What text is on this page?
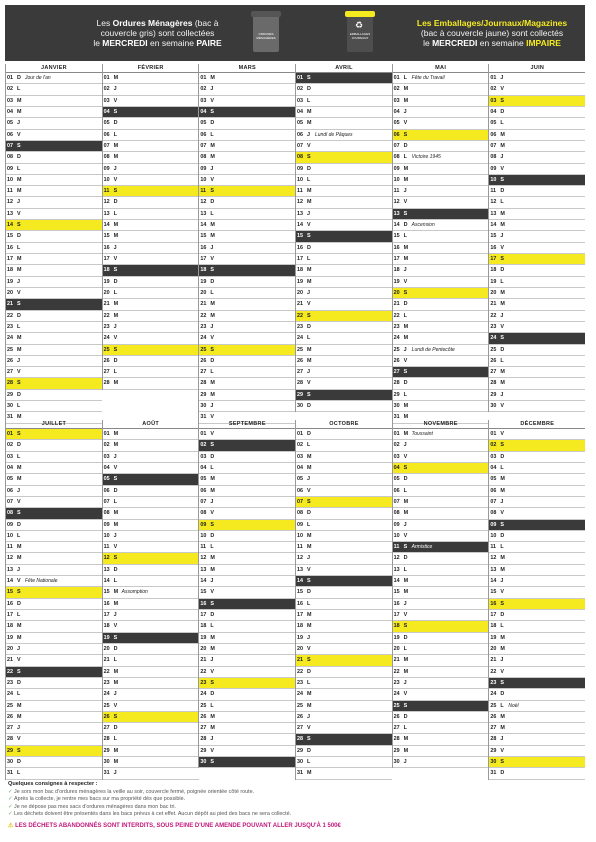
Les Ordures Ménagères (bac à
couvercle gris) sont collectées
le MERCREDI en semaine PAIRE
ORDURES MÉNAGÈRES
♻
EMBALLAGES JOURNAUX
Les Emballages/Journaux/Magazines
(bac à couvercle jaune) sont collectés
le MERCREDI en semaine IMPAIRE
JANVIER
01 D Jour de l'an
02 L
03 M
04 M
05 J
06 V
07 S
08 D
09 L
10 M
11 M
12 J
13 V
14 S
15 D
16 L
17 M
18 M
19 J
20 V
21 S
22 D
23 L
24 M
25 M
26 J
27 V
28 S
29 D
30 L
31 M
FÉVRIER
01 M
02 J
03 V
04 S
05 D
06 L
07 M
08 M
09 J
10 V
11 S
12 D
13 L
14 M
15 M
16 J
17 V
18 S
19 D
20 L
21 M
22 M
23 J
24 V
25 S
26 D
27 L
28 M
MARS
01 M
02 J
03 V
04 S
05 D
06 L
07 M
08 M
09 J
10 V
11 S
12 D
13 L
14 M
15 M
16 J
17 V
18 S
19 D
20 L
21 M
22 M
23 J
24 V
25 S
26 D
27 L
28 M
29 M
30 J
31 V
AVRIL
01 S
02 D
03 L
04 M
05 M
06 J Lundi de Pâques
07 V
08 S
09 D
10 L
11 M
12 M
13 J
14 V
15 S
16 D
17 L
18 M
19 M
20 J
21 V
22 S
23 D
24 L
25 M
26 M
27 J
28 V
29 S
30 D
MAI
01 L Fête du Travail
02 M
03 M
04 J
05 V
06 S
07 D
08 L Victoire 1945
09 M
10 M
11 J
12 V
13 S
14 D Ascension
15 L
16 M
17 M
18 J
19 V
20 S
21 D
22 L
23 M
24 M
25 J Lundi de Pentecôte
26 V
27 S
28 D
29 L
30 M
31 M
JUIN
01 J
02 V
03 S
04 D
05 L
06 M
07 M
08 J
09 V
10 S
11 D
12 L
13 M
14 M
15 J
16 V
17 S
18 D
19 L
20 M
21 M
22 J
23 V
24 S
25 D
26 L
27 M
28 M
29 J
30 V
JUILLET
01 S
02 D
03 L
04 M
05 M
06 J
07 V
08 S
09 D
10 L
11 M
12 M
13 J
14 V Fête Nationale
15 S
16 D
17 L
18 M
19 M
20 J
21 V
22 S
23 D
24 L
25 M
26 M
27 J
28 V
29 S
30 D
31 L
AOÛT
01 M
02 M
03 J
04 V
05 S
06 D
07 L
08 M
09 M
10 J
11 V
12 S
13 D
14 L
15 M Assomption
16 M
17 J
18 V
19 S
20 D
21 L
22 M
23 M
24 J
25 V
26 S
27 D
28 L
29 M
30 M
31 J
SEPTEMBRE
01 V
02 S
03 D
04 L
05 M
06 M
07 J
08 V
09 S
10 D
11 L
12 M
13 M
14 J
15 V
16 S
17 D
18 L
19 M
20 M
21 J
22 V
23 S
24 D
25 L
26 M
27 M
28 J
29 V
30 S
OCTOBRE
01 D
02 L
03 M
04 M
05 J
06 V
07 S
08 D
09 L
10 M
11 M
12 J
13 V
14 S
15 D
16 L
17 M
18 M
19 J
20 V
21 S
22 D
23 L
24 M
25 M
26 J
27 V
28 S
29 D
30 L
31 M
NOVEMBRE
01 M Toussaint
02 J
03 V
04 S
05 D
06 L
07 M
08 M
09 J
10 V
11 S Armistice
12 D
13 L
14 M
15 M
16 J
17 V
18 S
19 D
20 L
21 M
22 M
23 J
24 V
25 S
26 D
27 L
28 M
29 M
30 J
DÉCEMBRE
01 V
02 S
03 D
04 L
05 M
06 M
07 J
08 V
09 S
10 D
11 L
12 M
13 M
14 J
15 V
16 S
17 D
18 L
19 M
20 M
21 J
22 V
23 S
24 D
25 L Noël
26 M
27 M
28 J
29 V
30 S
31 D
Quelques consignes à respecter :
✓Je sors mon bac d'ordures ménagères la veille au soir, couvercle fermé, poignée orientée côté route.
✓Après la collecte, je rentre mes bacs sur ma propriété dès que possible.
✓Je ne dépose pas mes sacs d'ordures ménagères dans mon bac tri.
✓Les déchets doivent être présentés dans les bacs prévus à cet effet. Aucun dépôt au pied des bacs ne sera collecté.
⚠ LES DÉCHETS ABANDONNÉS SONT INTERDITS, SOUS PEINE D'UNE AMENDE POUVANT ALLER JUSQU'À 1 500€
